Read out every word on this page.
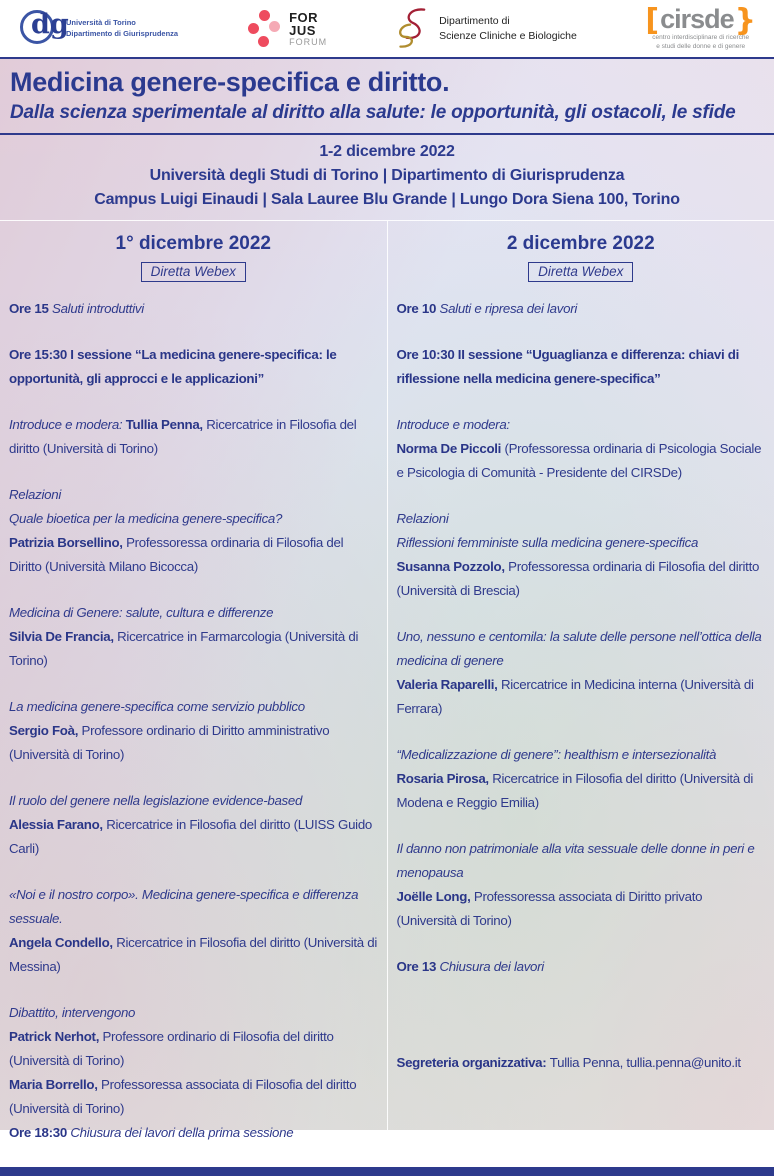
dg
Università di Torino
Dipartimento di Giurisprudenza
FOR
JUS
FORUM
Dipartimento di
Scienze Cliniche e Biologiche [ cirsde }
centro interdisciplinare di ricerche
e studi delle donne e di genere
Medicina genere-specifica e diritto.
Dalla scienza sperimentale al diritto alla salute: le opportunità, gli ostacoli, le sfide
1-2 dicembre 2022
Università degli Studi di Torino | Dipartimento di Giurisprudenza
Campus Luigi Einaudi | Sala Lauree Blu Grande | Lungo Dora Siena 100, Torino
1° dicembre 2022
Diretta Webex

Ore 15 Saluti introduttivi

Ore 15:30 I sessione “La medicina genere-specifica: le opportunità, gli approcci e le applicazioni”

Introduce e modera: Tullia Penna, Ricercatrice in Filosofia del diritto (Università di Torino)

Relazioni

Quale bioetica per la medicina genere-specifica?

Patrizia Borsellino, Professoressa ordinaria di Filosofia del Diritto (Università Milano Bicocca)

Medicina di Genere: salute, cultura e differenze

Silvia De Francia, Ricercatrice in Farmarcologia (Università di Torino)

La medicina genere-specifica come servizio pubblico

Sergio Foà, Professore ordinario di Diritto amministrativo (Università di Torino)

Il ruolo del genere nella legislazione evidence-based

Alessia Farano, Ricercatrice in Filosofia del diritto (LUISS Guido Carli)

«Noi e il nostro corpo». Medicina genere-specifica e differenza sessuale.

Angela Condello, Ricercatrice in Filosofia del diritto (Università di Messina)

Dibattito, intervengono

Patrick Nerhot, Professore ordinario di Filosofia del diritto (Università di Torino)

Maria Borrello, Professoressa associata di Filosofia del diritto (Università di Torino)

Ore 18:30 Chiusura dei lavori della prima sessione

2 dicembre 2022
Diretta Webex

Ore 10 Saluti e ripresa dei lavori

Ore 10:30 II sessione “Uguaglianza e differenza: chiavi di riflessione nella medicina genere-specifica”

Introduce e modera:

Norma De Piccoli (Professoressa ordinaria di Psicologia Sociale e Psicologia di Comunità - Presidente del CIRSDe)

Relazioni

Riflessioni femministe sulla medicina genere-specifica

Susanna Pozzolo, Professoressa ordinaria di Filosofia del diritto (Università di Brescia)

Uno, nessuno e centomila: la salute delle persone nell’ottica della medicina di genere

Valeria Raparelli, Ricercatrice in Medicina interna (Università di Ferrara)

“Medicalizzazione di genere”: healthism e intersezionalità

Rosaria Pirosa, Ricercatrice in Filosofia del diritto (Università di Modena e Reggio Emilia)

Il danno non patrimoniale alla vita sessuale delle donne in peri e menopausa

Joëlle Long, Professoressa associata di Diritto privato (Università di Torino)

Ore 13 Chiusura dei lavori

Segreteria organizzativa: Tullia Penna, tullia.penna@unito.it
